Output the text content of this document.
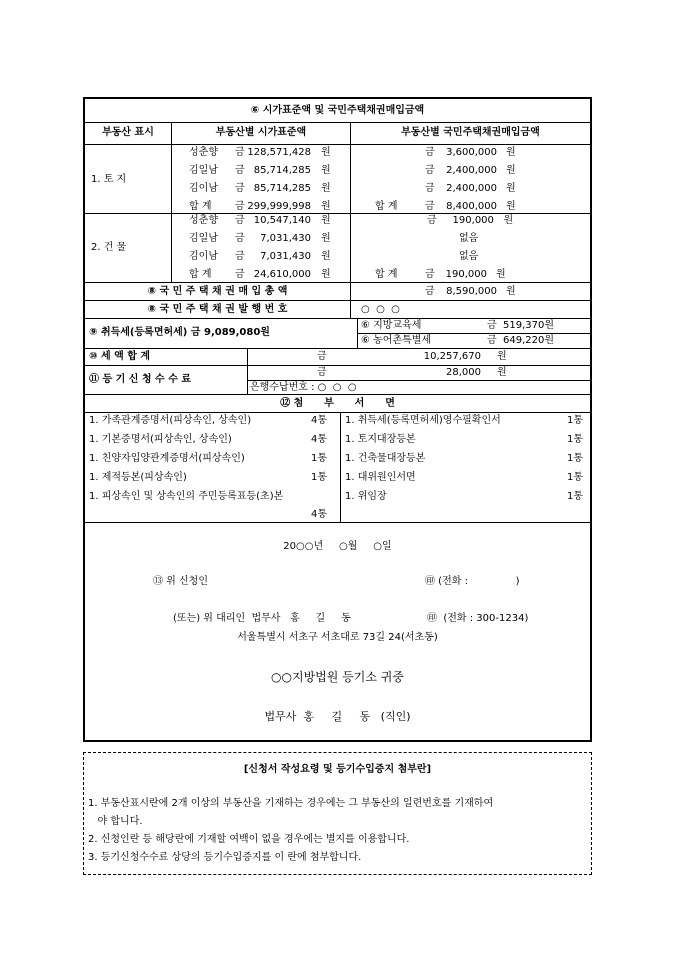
⑥ 시가표준액 및 국민주택채권매입금액
부동산 표시	부동산별 시가표준액	부동산별 국민주택채권매입금액
1. 토 지
성춘향 금 128,571,428 원	금	3,600,000 원
김일남 금 85,714,285 원	금	2,400,000 원
김이남 금 85,714,285 원	금	2,400,000 원
합 계 금 299,999,998 원	합 계	금	8,400,000 원
2. 건 물
성춘향 금 10,547,140 원	금     190,000   원
김일남 금	7,031,430 원	없음
김이남 금	7,031,430 원	없음
합 계 금 24,610,000 원	합 계	금	190,000 원
⑧ 국 민 주 택 채 권 매 입 총 액	금	8,590,000 원
⑧ 국 민 주 택 채 권 발 행 번 호	○  ○  ○
⑨ 취득세(등록면허세) 금 9,089,080원
⑥ 지방교육세	금  519,370원
⑥ 농어촌특별세	금  649,220원
⑩ 세 액 합 계	금	10,257,670 원
⑪ 등 기 신 청 수 수 료
금	28,000 원
은행수납번호 : ○  ○  ○
⑫ 첨      부      서      면
1. 가족관계증명서(피상속인, 상속인)	4통
1. 기본증명서(피상속인, 상속인)	4통
1. 친양자입양관계증명서(피상속인)	1통
1. 제적등본(피상속인)	1통
1. 피상속인 및 상속인의 주민등록표등(초)본
4통
1. 취득세(등록면허세)영수필확인서	1통
1. 토지대장등본	1통
1. 건축물대장등본	1통
1. 대위원인서면	1통
1. 위임장	1통
20○○년     ○월     ○일
⑬ 위 신청인	㊞ (전화 :               )
(또는) 위 대리인  법무사   홍     길     동	㊞  (전화 : 300-1234)
서울특별시 서초구 서초대로 73길 24(서초동)
○○지방법원 등기소 귀중
법무사  홍     길     동   (직인)
[신청서 작성요령 및 등기수입증지 첨부란]
1. 부동산표시란에 2개 이상의 부동산을 기재하는 경우에는 그 부동산의 일련번호를 기재하여
야 합니다.
2. 신청인란 등 해당란에 기재할 여백이 없을 경우에는 별지를 이용합니다.
3. 등기신청수수료 상당의 등기수입증지를 이 란에 첨부합니다.
